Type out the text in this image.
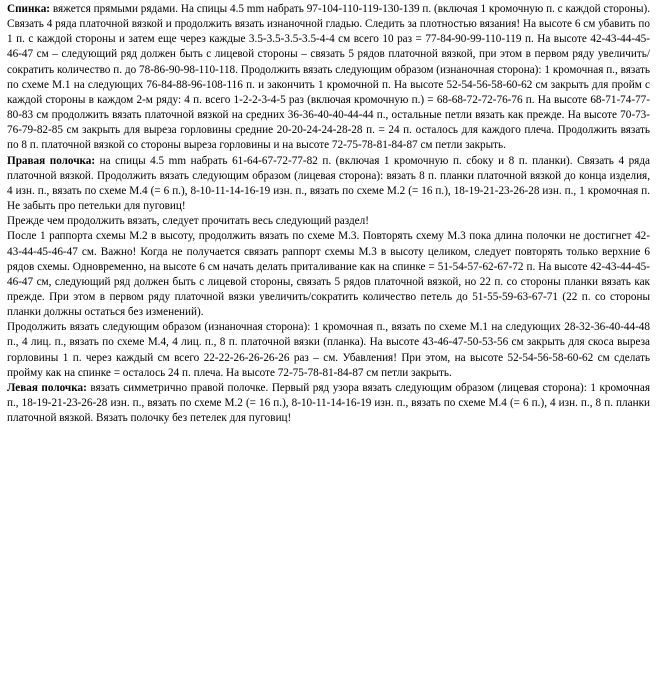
Спинка: вяжется прямыми рядами. На спицы 4.5 mm набрать 97-104-110-119-130-139 п. (включая 1 кромочную п. с каждой стороны). Связать 4 ряда платочной вязкой и продолжить вязать изнаночной гладью. Следить за плотностью вязания! На высоте 6 см убавить по 1 п. с каждой стороны и затем еще через каждые 3.5-3.5-3.5-3.5-4-4 см всего 10 раз = 77-84-90-99-110-119 п. На высоте 42-43-44-45-46-47 см – следующий ряд должен быть с лицевой стороны – связать 5 рядов платочной вязкой, при этом в первом ряду увеличить/сократить количество п. до 78-86-90-98-110-118. Продолжить вязать следующим образом (изнаночная сторона): 1 кромочная п., вязать по схеме M.1 на следующих 76-84-88-96-108-116 п. и закончить 1 кромочной п. На высоте 52-54-56-58-60-62 см закрыть для пройм с каждой стороны в каждом 2-м ряду: 4 п. всего 1-2-2-3-4-5 раз (включая кромочную п.) = 68-68-72-72-76-76 п. На высоте 68-71-74-77-80-83 см продолжить вязать платочной вязкой на средних 36-36-40-40-44-44 п., остальные петли вязать как прежде. На высоте 70-73-76-79-82-85 см закрыть для выреза горловины средние 20-20-24-24-28-28 п. = 24 п. осталось для каждого плеча. Продолжить вязать по 8 п. платочной вязкой со стороны выреза горловины и на высоте 72-75-78-81-84-87 см петли закрыть.

Правая полочка: на спицы 4.5 mm набрать 61-64-67-72-77-82 п. (включая 1 кромочную п. сбоку и 8 п. планки). Связать 4 ряда платочной вязкой. Продолжить вязать следующим образом (лицевая сторона): вязать 8 п. планки платочной вязкой до конца изделия, 4 изн. п., вязать по схеме M.4 (= 6 п.), 8-10-11-14-16-19 изн. п., вязать по схеме M.2 (= 16 п.), 18-19-21-23-26-28 изн. п., 1 кромочная п. Не забыть про петельки для пуговиц!

Прежде чем продолжить вязать, следует прочитать весь следующий раздел!

После 1 раппорта схемы M.2 в высоту, продолжить вязать по схеме M.3. Повторять схему M.3 пока длина полочки не достигнет 42-43-44-45-46-47 см. Важно! Когда не получается связать раппорт схемы M.3 в высоту целиком, следует повторять только верхние 6 рядов схемы. Одновременно, на высоте 6 см начать делать приталивание как на спинке = 51-54-57-62-67-72 п. На высоте 42-43-44-45-46-47 см, следующий ряд должен быть с лицевой стороны, связать 5 рядов платочной вязкой, но 22 п. со стороны планки вязать как прежде. При этом в первом ряду платочной вязки увеличить/сократить количество петель до 51-55-59-63-67-71 (22 п. со стороны планки должны остаться без изменений).

Продолжить вязать следующим образом (изнаночная сторона): 1 кромочная п., вязать по схеме M.1 на следующих 28-32-36-40-44-48 п., 4 лиц. п., вязать по схеме M.4, 4 лиц. п., 8 п. платочной вязки (планка). На высоте 43-46-47-50-53-56 см закрыть для скоса выреза горловины 1 п. через каждый см всего 22-22-26-26-26-26 раз – см. Убавления! При этом, на высоте 52-54-56-58-60-62 см сделать пройму как на спинке = осталось 24 п. плеча. На высоте 72-75-78-81-84-87 см петли закрыть.

Левая полочка: вязать симметрично правой полочке. Первый ряд узора вязать следующим образом (лицевая сторона): 1 кромочная п., 18-19-21-23-26-28 изн. п., вязать по схеме M.2 (= 16 п.), 8-10-11-14-16-19 изн. п., вязать по схеме M.4 (= 6 п.), 4 изн. п., 8 п. планки платочной вязкой. Вязать полочку без петелек для пуговиц!
